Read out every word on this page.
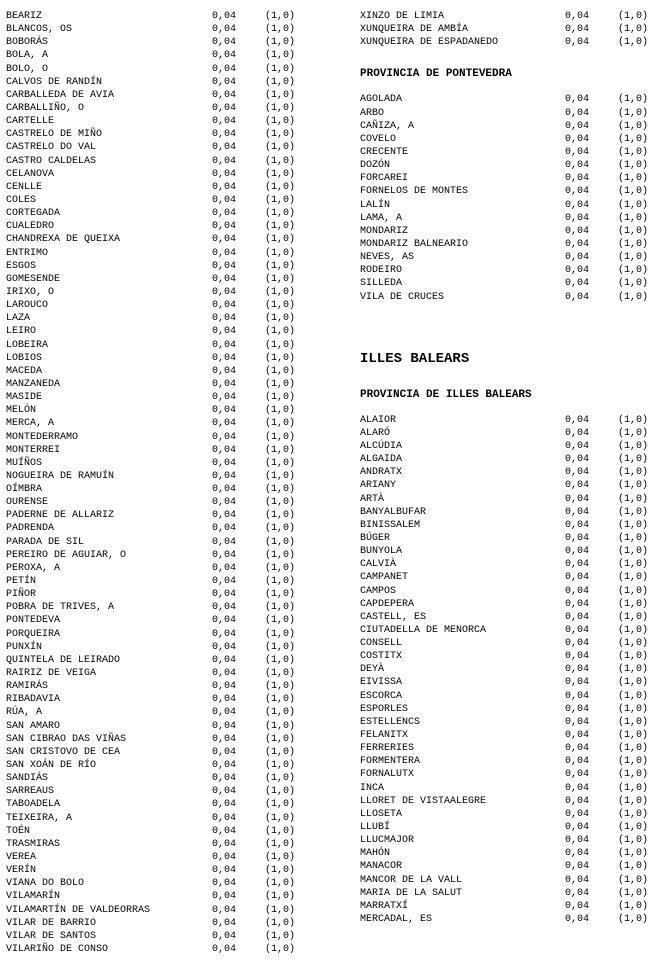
BEARIZ	0,04	(1,0)
BLANCOS, OS	0,04	(1,0)
BOBORÁS	0,04	(1,0)
BOLA, A	0,04	(1,0)
BOLO, O	0,04	(1,0)
CALVOS DE RANDÍN	0,04	(1,0)
CARBALLEDA DE AVIA	0,04	(1,0)
CARBALLIÑO, O	0,04	(1,0)
CARTELLE	0,04	(1,0)
CASTRELO DE MIÑO	0,04	(1,0)
CASTRELO DO VAL	0,04	(1,0)
CASTRO CALDELAS	0,04	(1,0)
CELANOVA	0,04	(1,0)
CENLLE	0,04	(1,0)
COLES	0,04	(1,0)
CORTEGADA	0,04	(1,0)
CUALEDRO	0,04	(1,0)
CHANDREXA DE QUEIXA	0,04	(1,0)
ENTRIMO	0,04	(1,0)
ESGOS	0,04	(1,0)
GOMESENDE	0,04	(1,0)
IRIXO, O	0,04	(1,0)
LAROUCO	0,04	(1,0)
LAZA	0,04	(1,0)
LEIRO	0,04	(1,0)
LOBEIRA	0,04	(1,0)
LOBIOS	0,04	(1,0)
MACEDA	0,04	(1,0)
MANZANEDA	0,04	(1,0)
MASIDE	0,04	(1,0)
MELÓN	0,04	(1,0)
MERCA, A	0,04	(1,0)
MONTEDERRAMO	0,04	(1,0)
MONTERREI	0,04	(1,0)
MUÍÑOS	0,04	(1,0)
NOGUEIRA DE RAMUÍN	0,04	(1,0)
OÍMBRA	0,04	(1,0)
OURENSE	0,04	(1,0)
PADERNE DE ALLARIZ	0,04	(1,0)
PADRENDA	0,04	(1,0)
PARADA DE SIL	0,04	(1,0)
PEREIRO DE AGUIAR, O	0,04	(1,0)
PEROXA, A	0,04	(1,0)
PETÍN	0,04	(1,0)
PIÑOR	0,04	(1,0)
POBRA DE TRIVES, A	0,04	(1,0)
PONTEDEVA	0,04	(1,0)
PORQUEIRA	0,04	(1,0)
PUNXÍN	0,04	(1,0)
QUINTELA DE LEIRADO	0,04	(1,0)
RAIRIZ DE VEIGA	0,04	(1,0)
RAMIRÁS	0,04	(1,0)
RIBADAVIA	0,04	(1,0)
RÚA, A	0,04	(1,0)
SAN AMARO	0,04	(1,0)
SAN CIBRAO DAS VIÑAS	0,04	(1,0)
SAN CRISTOVO DE CEA	0,04	(1,0)
SAN XOÁN DE RÍO	0,04	(1,0)
SANDIÁS	0,04	(1,0)
SARREAUS	0,04	(1,0)
TABOADELA	0,04	(1,0)
TEIXEIRA, A	0,04	(1,0)
TOÉN	0,04	(1,0)
TRASMIRAS	0,04	(1,0)
VEREA	0,04	(1,0)
VERÍN	0,04	(1,0)
VIANA DO BOLO	0,04	(1,0)
VILAMARÍN	0,04	(1,0)
VILAMARTÍN DE VALDEORRAS	0,04	(1,0)
VILAR DE BARRIO	0,04	(1,0)
VILAR DE SANTOS	0,04	(1,0)
VILARIÑO DE CONSO	0,04	(1,0)
XINZO DE LIMIA	0,04	(1,0)
XUNQUEIRA DE AMBÍA	0,04	(1,0)
XUNQUEIRA DE ESPADANEDO	0,04	(1,0)
PROVINCIA DE PONTEVEDRA
AGOLADA	0,04	(1,0)
ARBO	0,04	(1,0)
CAÑIZA, A	0,04	(1,0)
COVELO	0,04	(1,0)
CRECENTE	0,04	(1,0)
DOZÓN	0,04	(1,0)
FORCAREI	0,04	(1,0)
FORNELOS DE MONTES	0,04	(1,0)
LALÍN	0,04	(1,0)
LAMA, A	0,04	(1,0)
MONDARIZ	0,04	(1,0)
MONDARIZ BALNEARIO	0,04	(1,0)
NEVES, AS	0,04	(1,0)
RODEIRO	0,04	(1,0)
SILLEDA	0,04	(1,0)
VILA DE CRUCES	0,04	(1,0)
ILLES BALEARS
PROVINCIA DE ILLES BALEARS
ALAIOR	0,04	(1,0)
ALARÓ	0,04	(1,0)
ALCÚDIA	0,04	(1,0)
ALGAIDA	0,04	(1,0)
ANDRATX	0,04	(1,0)
ARIANY	0,04	(1,0)
ARTÀ	0,04	(1,0)
BANYALBUFAR	0,04	(1,0)
BINISSALEM	0,04	(1,0)
BÚGER	0,04	(1,0)
BUNYOLA	0,04	(1,0)
CALVIÀ	0,04	(1,0)
CAMPANET	0,04	(1,0)
CAMPOS	0,04	(1,0)
CAPDEPERA	0,04	(1,0)
CASTELL, ES	0,04	(1,0)
CIUTADELLA DE MENORCA	0,04	(1,0)
CONSELL	0,04	(1,0)
COSTITX	0,04	(1,0)
DEYÀ	0,04	(1,0)
EIVISSA	0,04	(1,0)
ESCORCA	0,04	(1,0)
ESPORLES	0,04	(1,0)
ESTELLENCS	0,04	(1,0)
FELANITX	0,04	(1,0)
FERRERIES	0,04	(1,0)
FORMENTERA	0,04	(1,0)
FORNALUTX	0,04	(1,0)
INCA	0,04	(1,0)
LLORET DE VISTAALEGRE	0,04	(1,0)
LLOSETA	0,04	(1,0)
LLUBÍ	0,04	(1,0)
LLUCMAJOR	0,04	(1,0)
MAHÓN	0,04	(1,0)
MANACOR	0,04	(1,0)
MANCOR DE LA VALL	0,04	(1,0)
MARIA DE LA SALUT	0,04	(1,0)
MARRATXÍ	0,04	(1,0)
MERCADAL, ES	0,04	(1,0)
